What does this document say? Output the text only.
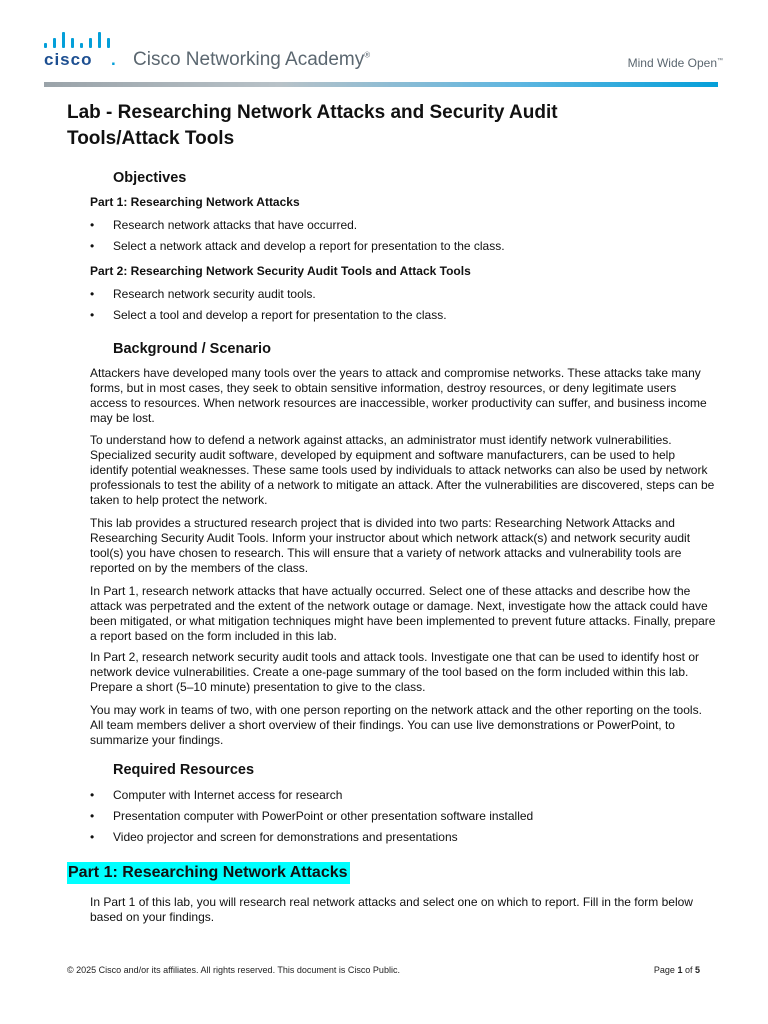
cisco . Cisco Networking Academy®
Mind Wide Open™
Lab - Researching Network Attacks and Security Audit Tools/Attack Tools
Objectives
Part 1: Researching Network Attacks
• Research network attacks that have occurred.
• Select a network attack and develop a report for presentation to the class.
Part 2: Researching Network Security Audit Tools and Attack Tools
• Research network security audit tools.
• Select a tool and develop a report for presentation to the class.
Background / Scenario

Attackers have developed many tools over the years to attack and compromise networks. These attacks take many forms, but in most cases, they seek to obtain sensitive information, destroy resources, or deny legitimate users access to resources. When network resources are inaccessible, worker productivity can suffer, and business income may be lost.

To understand how to defend a network against attacks, an administrator must identify network vulnerabilities. Specialized security audit software, developed by equipment and software manufacturers, can be used to help identify potential weaknesses. These same tools used by individuals to attack networks can also be used by network professionals to test the ability of a network to mitigate an attack. After the vulnerabilities are discovered, steps can be taken to help protect the network.

This lab provides a structured research project that is divided into two parts: Researching Network Attacks and Researching Security Audit Tools. Inform your instructor about which network attack(s) and network security audit tool(s) you have chosen to research. This will ensure that a variety of network attacks and vulnerability tools are reported on by the members of the class.

In Part 1, research network attacks that have actually occurred. Select one of these attacks and describe how the attack was perpetrated and the extent of the network outage or damage. Next, investigate how the attack could have been mitigated, or what mitigation techniques might have been implemented to prevent future attacks. Finally, prepare a report based on the form included in this lab.

In Part 2, research network security audit tools and attack tools. Investigate one that can be used to identify host or network device vulnerabilities. Create a one-page summary of the tool based on the form included within this lab. Prepare a short (5–10 minute) presentation to give to the class.

You may work in teams of two, with one person reporting on the network attack and the other reporting on the tools. All team members deliver a short overview of their findings. You can use live demonstrations or PowerPoint, to summarize your findings.

Required Resources
• Computer with Internet access for research
• Presentation computer with PowerPoint or other presentation software installed
• Video projector and screen for demonstrations and presentations
Part 1: Researching Network Attacks

In Part 1 of this lab, you will research real network attacks and select one on which to report. Fill in the form below based on your findings.

© 2025 Cisco and/or its affiliates. All rights reserved. This document is Cisco Public.	Page 1 of 5
